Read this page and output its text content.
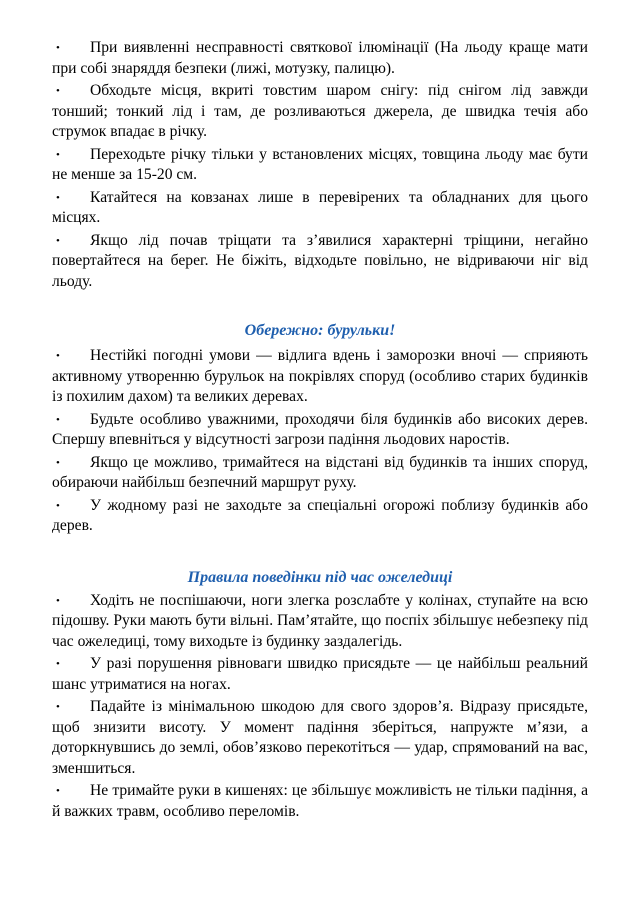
• При виявленні несправності святкової ілюмінації (На льоду краще мати при собі знаряддя безпеки (лижі, мотузку, палицю).

• Обходьте місця, вкриті товстим шаром снігу: під снігом лід завжди тонший; тонкий лід і там, де розливаються джерела, де швидка течія або струмок впадає в річку.

• Переходьте річку тільки у встановлених місцях, товщина льоду має бути не менше за 15-20 см.

• Катайтеся на ковзанах лише в перевірених та обладнаних для цього місцях.

• Якщо лід почав тріщати та з’явилися характерні тріщини, негайно повертайтеся на берег. Не біжіть, відходьте повільно, не відриваючи ніг від льоду.

Обережно: бурульки!

• Нестійкі погодні умови — відлига вдень і заморозки вночі — сприяють активному утворенню бурульок на покрівлях споруд (особливо старих будинків із похилим дахом) та великих деревах.

• Будьте особливо уважними, проходячи біля будинків або високих дерев. Спершу впевніться у відсутності загрози падіння льодових наростів.

• Якщо це можливо, тримайтеся на відстані від будинків та інших споруд, обираючи найбільш безпечний маршрут руху.

• У жодному разі не заходьте за спеціальні огорожі поблизу будинків або дерев.

Правила поведінки під час ожеледиці

• Ходіть не поспішаючи, ноги злегка розслабте у колінах, ступайте на всю підошву. Руки мають бути вільні. Пам’ятайте, що поспіх збільшує небезпеку під час ожеледиці, тому виходьте із будинку заздалегідь.

• У разі порушення рівноваги швидко присядьте — це найбільш реальний шанс утриматися на ногах.

• Падайте із мінімальною шкодою для свого здоров’я. Відразу присядьте, щоб знизити висоту. У момент падіння зберіться, напружте м’язи, а доторкнувшись до землі, обов’язково перекотіться — удар, спрямований на вас, зменшиться.

• Не тримайте руки в кишенях: це збільшує можливість не тільки падіння, а й важких травм, особливо переломів.
